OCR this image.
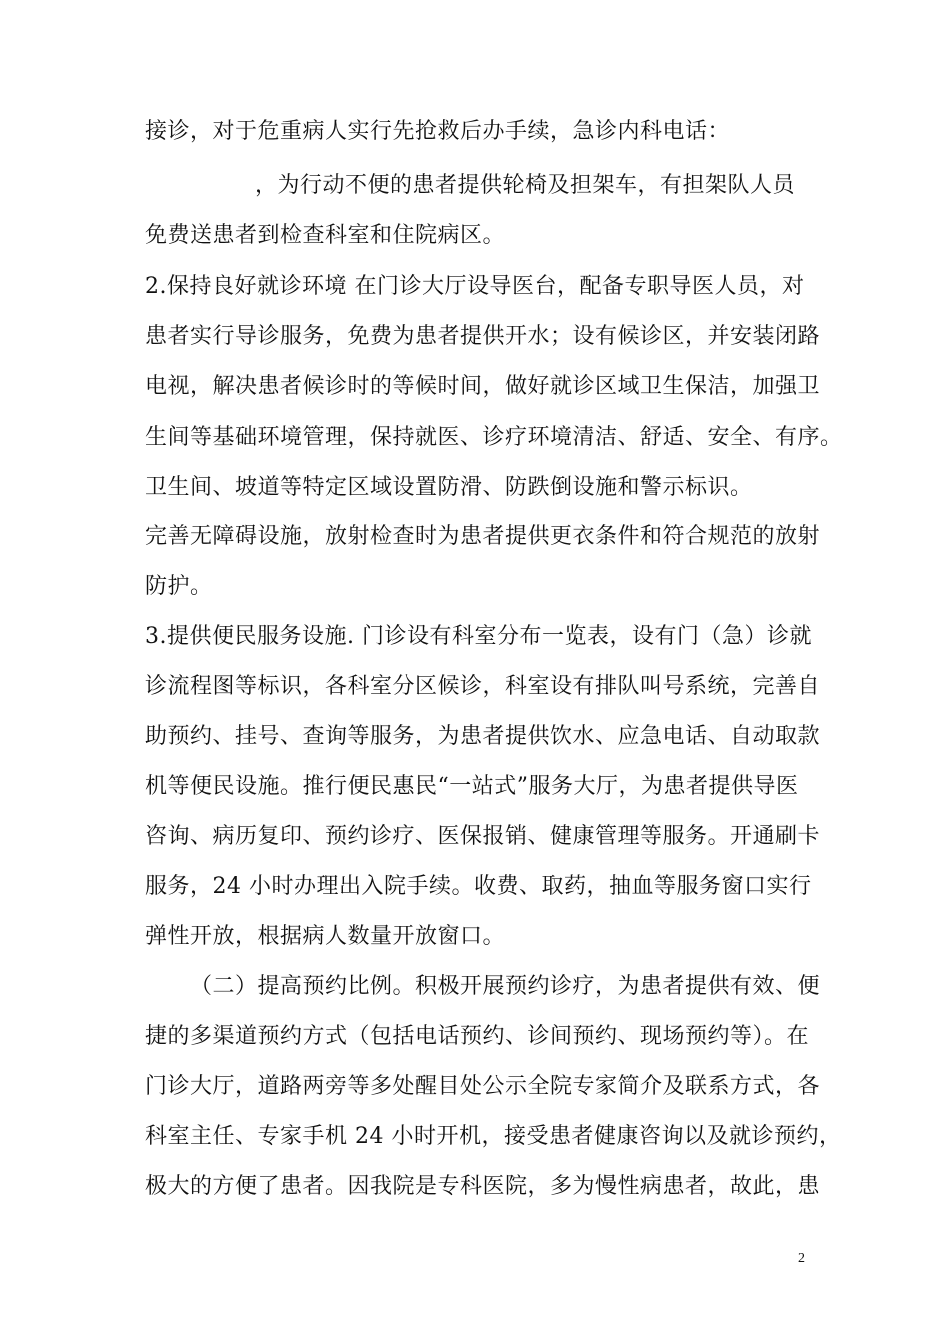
接诊，对于危重病人实行先抢救后办手续，急诊内科电话：
，为行动不便的患者提供轮椅及担架车，有担架队人员
免费送患者到检查科室和住院病区。
2.保持良好就诊环境 在门诊大厅设导医台，配备专职导医人员，对
患者实行导诊服务，免费为患者提供开水；设有候诊区，并安装闭路
电视，解决患者候诊时的等候时间，做好就诊区域卫生保洁，加强卫
生间等基础环境管理，保持就医、诊疗环境清洁、舒适、安全、有序。
卫生间、坡道等特定区域设置防滑、防跌倒设施和警示标识。
完善无障碍设施，放射检查时为患者提供更衣条件和符合规范的放射
防护。
3.提供便民服务设施. 门诊设有科室分布一览表，设有门（急）诊就
诊流程图等标识，各科室分区候诊，科室设有排队叫号系统，完善自
助预约、挂号、查询等服务，为患者提供饮水、应急电话、自动取款
机等便民设施。推行便民惠民“一站式”服务大厅，为患者提供导医
咨询、病历复印、预约诊疗、医保报销、健康管理等服务。开通刷卡
服务，24 小时办理出入院手续。收费、取药，抽血等服务窗口实行
弹性开放，根据病人数量开放窗口。
（二）提高预约比例。积极开展预约诊疗，为患者提供有效、便
捷的多渠道预约方式（包括电话预约、诊间预约、现场预约等）。在
门诊大厅，道路两旁等多处醒目处公示全院专家简介及联系方式，各
科室主任、专家手机 24 小时开机，接受患者健康咨询以及就诊预约，
极大的方便了患者。因我院是专科医院，多为慢性病患者，故此，患
2
